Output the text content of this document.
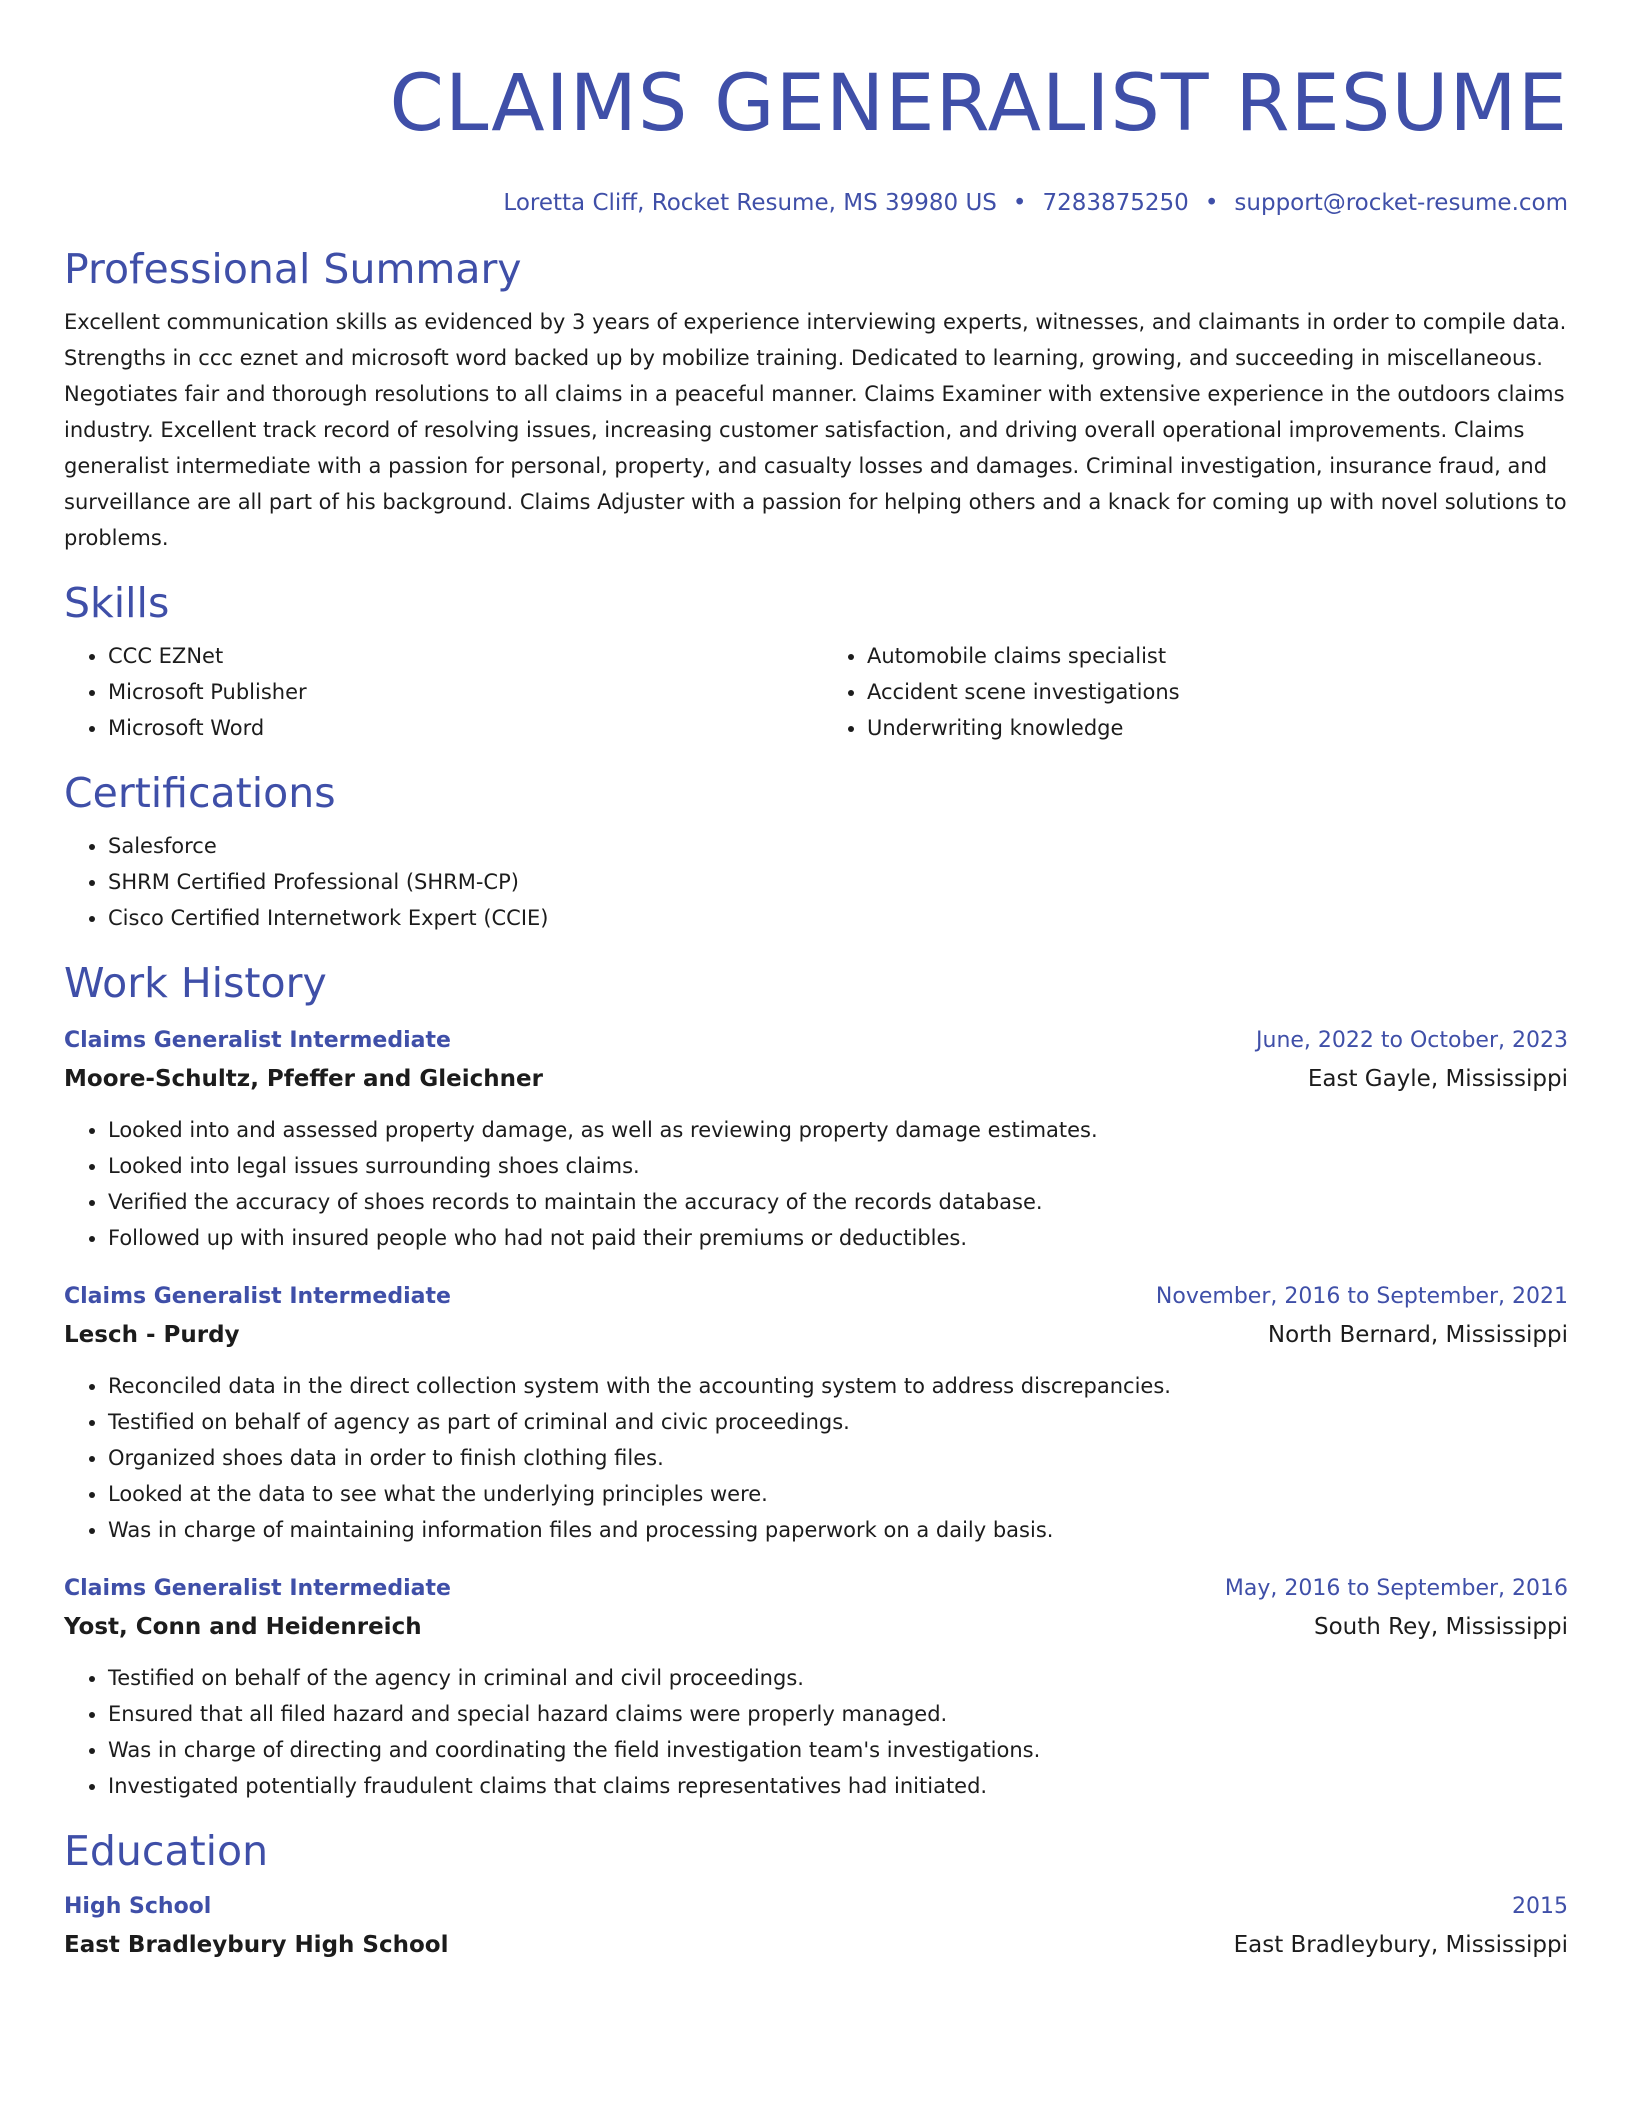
CLAIMS GENERALIST RESUME
Loretta Cliff, Rocket Resume, MS 39980 US • 7283875250 • support@rocket-resume.com
Professional Summary
Excellent communication skills as evidenced by 3 years of experience interviewing experts, witnesses, and claimants in order to compile data. Strengths in ccc eznet and microsoft word backed up by mobilize training. Dedicated to learning, growing, and succeeding in miscellaneous. Negotiates fair and thorough resolutions to all claims in a peaceful manner. Claims Examiner with extensive experience in the outdoors claims industry. Excellent track record of resolving issues, increasing customer satisfaction, and driving overall operational improvements. Claims generalist intermediate with a passion for personal, property, and casualty losses and damages. Criminal investigation, insurance fraud, and surveillance are all part of his background. Claims Adjuster with a passion for helping others and a knack for coming up with novel solutions to problems.
Skills
• CCC EZNet
• Microsoft Publisher
• Microsoft Word
• Automobile claims specialist
• Accident scene investigations
• Underwriting knowledge
Certifications
• Salesforce
• SHRM Certified Professional (SHRM-CP)
• Cisco Certified Internetwork Expert (CCIE)
Work History
Claims Generalist Intermediate	June, 2022 to October, 2023
Moore-Schultz, Pfeffer and Gleichner	East Gayle, Mississippi
• Looked into and assessed property damage, as well as reviewing property damage estimates.
• Looked into legal issues surrounding shoes claims.
• Verified the accuracy of shoes records to maintain the accuracy of the records database.
• Followed up with insured people who had not paid their premiums or deductibles.
Claims Generalist Intermediate	November, 2016 to September, 2021
Lesch - Purdy	North Bernard, Mississippi
• Reconciled data in the direct collection system with the accounting system to address discrepancies.
• Testified on behalf of agency as part of criminal and civic proceedings.
• Organized shoes data in order to finish clothing files.
• Looked at the data to see what the underlying principles were.
• Was in charge of maintaining information files and processing paperwork on a daily basis.
Claims Generalist Intermediate	May, 2016 to September, 2016
Yost, Conn and Heidenreich	South Rey, Mississippi
• Testified on behalf of the agency in criminal and civil proceedings.
• Ensured that all filed hazard and special hazard claims were properly managed.
• Was in charge of directing and coordinating the field investigation team's investigations.
• Investigated potentially fraudulent claims that claims representatives had initiated.
Education
High School	2015
East Bradleybury High School	East Bradleybury, Mississippi
